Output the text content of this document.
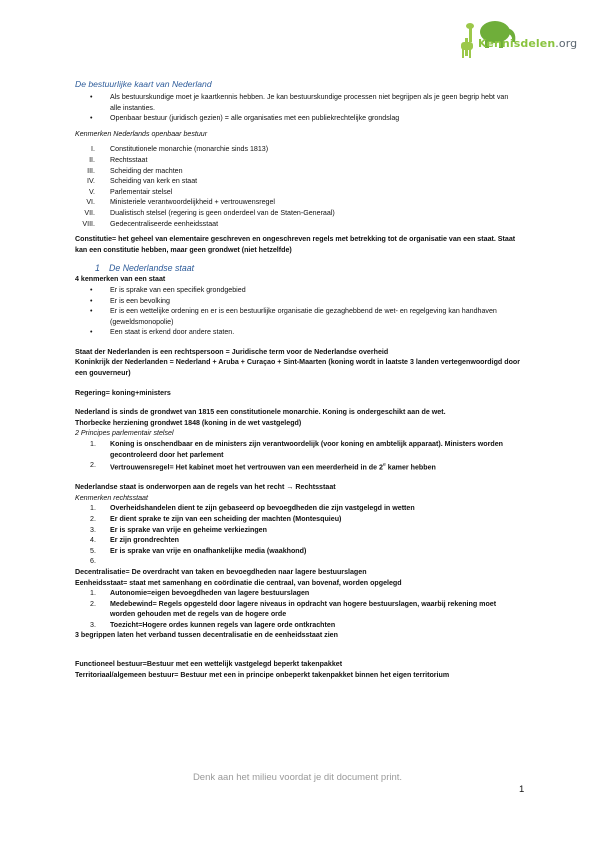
Kennisdelen.org
De bestuurlijke kaart van Nederland
• Als bestuurskundige moet je kaartkennis hebben. Je kan bestuurskundige processen niet begrijpen als je geen begrip hebt van alle instanties.
• Openbaar bestuur (juridisch gezien) = alle organisaties met een publiekrechtelijke grondslag

Kenmerken Nederlands openbaar bestuur

I. Constitutionele monarchie (monarchie sinds 1813)
II. Rechtsstaat
III. Scheiding der machten
IV. Scheiding van kerk en staat
V. Parlementair stelsel
VI. Ministeriele verantwoordelijkheid + vertrouwensregel
VII. Dualistisch stelsel (regering is geen onderdeel van de Staten-Generaal)
VIII. Gedecentraliseerde eenheidsstaat

Constitutie= het geheel van elementaire geschreven en ongeschreven regels met betrekking tot de organisatie van een staat. Staat kan een constitutie hebben, maar geen grondwet (niet hetzelfde)

1 De Nederlandse staat

4 kenmerken van een staat

• Er is sprake van een specifiek grondgebied
• Er is een bevolking
• Er is een wettelijke ordening en er is een bestuurlijke organisatie die gezaghebbend de wet- en regelgeving kan handhaven (geweldsmonopolie)
• Een staat is erkend door andere staten.

Staat der Nederlanden is een rechtspersoon = Juridische term voor de Nederlandse overheid

Koninkrijk der Nederlanden = Nederland + Aruba + Curaçao + Sint-Maarten (koning wordt in laatste 3 landen vertegenwoordigd door een gouverneur)

Regering= koning+ministers

Nederland is sinds de grondwet van 1815 een constitutionele monarchie. Koning is ondergeschikt aan de wet.

Thorbecke herziening grondwet 1848 (koning in de wet vastgelegd)

2 Principes parlementair stelsel

1. Koning is onschendbaar en de ministers zijn verantwoordelijk (voor koning en ambtelijk apparaat). Ministers worden gecontroleerd door het parlement
2. Vertrouwensregel= Het kabinet moet het vertrouwen van een meerderheid in de 2e kamer hebben

Nederlandse staat is onderworpen aan de regels van het recht → Rechtsstaat

Kenmerken rechtsstaat

1. Overheidshandelen dient te zijn gebaseerd op bevoegdheden die zijn vastgelegd in wetten
2. Er dient sprake te zijn van een scheiding der machten (Montesquieu)
3. Er is sprake van vrije en geheime verkiezingen
4. Er zijn grondrechten
5. Er is sprake van vrije en onafhankelijke media (waakhond)
6.

Decentralisatie= De overdracht van taken en bevoegdheden naar lagere bestuurslagen

Eenheidsstaat= staat met samenhang en coördinatie die centraal, van bovenaf, worden opgelegd

1. Autonomie=eigen bevoegdheden van lagere bestuurslagen
2. Medebewind= Regels opgesteld door lagere niveaus in opdracht van hogere bestuurslagen, waarbij rekening moet worden gehouden met de regels van de hogere orde
3. Toezicht=Hogere ordes kunnen regels van lagere orde ontkrachten

3 begrippen laten het verband tussen decentralisatie en de eenheidsstaat zien

Functioneel bestuur=Bestuur met een wettelijk vastgelegd beperkt takenpakket

Territoriaal/algemeen bestuur= Bestuur met een in principe onbeperkt takenpakket binnen het eigen territorium

Denk aan het milieu voordat je dit document print.
1
